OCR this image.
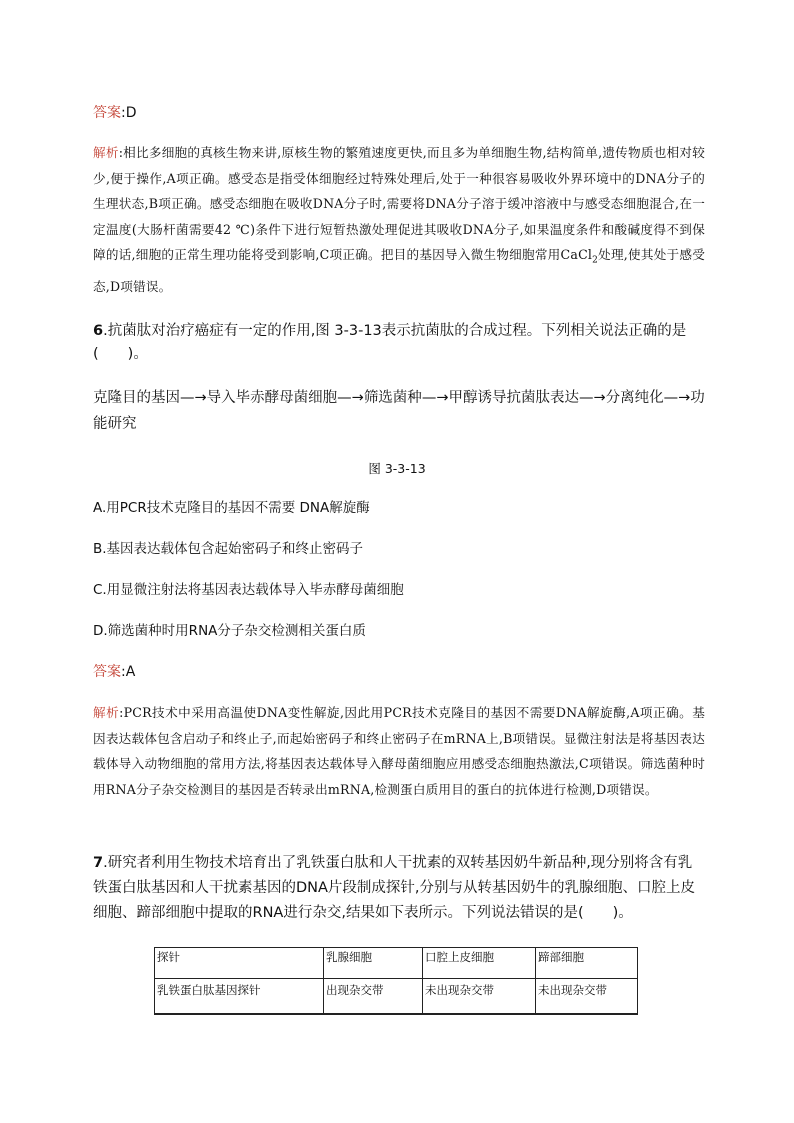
答案:D
解析:相比多细胞的真核生物来讲,原核生物的繁殖速度更快,而且多为单细胞生物,结构简单,遗传物质也相对较少,便于操作,A项正确。感受态是指受体细胞经过特殊处理后,处于一种很容易吸收外界环境中的DNA分子的生理状态,B项正确。感受态细胞在吸收DNA分子时,需要将DNA分子溶于缓冲溶液中与感受态细胞混合,在一定温度(大肠杆菌需要42 ℃)条件下进行短暂热激处理促进其吸收DNA分子,如果温度条件和酸碱度得不到保障的话,细胞的正常生理功能将受到影响,C项正确。把目的基因导入微生物细胞常用CaCl$_2$处理,使其处于感受态,D项错误。
6.抗菌肽对治疗癌症有一定的作用,图 3-3-13表示抗菌肽的合成过程。下列相关说法正确的是(　　)。
克隆目的基因—→导入毕赤酵母菌细胞—→筛选菌种—→甲醇诱导抗菌肽表达—→分离纯化—→功能研究
图 3-3-13
A.用PCR技术克隆目的基因不需要 DNA解旋酶
B.基因表达载体包含起始密码子和终止密码子
C.用显微注射法将基因表达载体导入毕赤酵母菌细胞
D.筛选菌种时用RNA分子杂交检测相关蛋白质
答案:A
解析:PCR技术中采用高温使DNA变性解旋,因此用PCR技术克隆目的基因不需要DNA解旋酶,A项正确。基因表达载体包含启动子和终止子,而起始密码子和终止密码子在mRNA上,B项错误。显微注射法是将基因表达载体导入动物细胞的常用方法,将基因表达载体导入酵母菌细胞应用感受态细胞热激法,C项错误。筛选菌种时用RNA分子杂交检测目的基因是否转录出mRNA,检测蛋白质用目的蛋白的抗体进行检测,D项错误。
7.研究者利用生物技术培育出了乳铁蛋白肽和人干扰素的双转基因奶牛新品种,现分别将含有乳铁蛋白肽基因和人干扰素基因的DNA片段制成探针,分别与从转基因奶牛的乳腺细胞、口腔上皮细胞、蹄部细胞中提取的RNA进行杂交,结果如下表所示。下列说法错误的是(　　)。
探针	乳腺细胞	口腔上皮细胞	蹄部细胞
乳铁蛋白肽基因探针	出现杂交带	未出现杂交带	未出现杂交带
